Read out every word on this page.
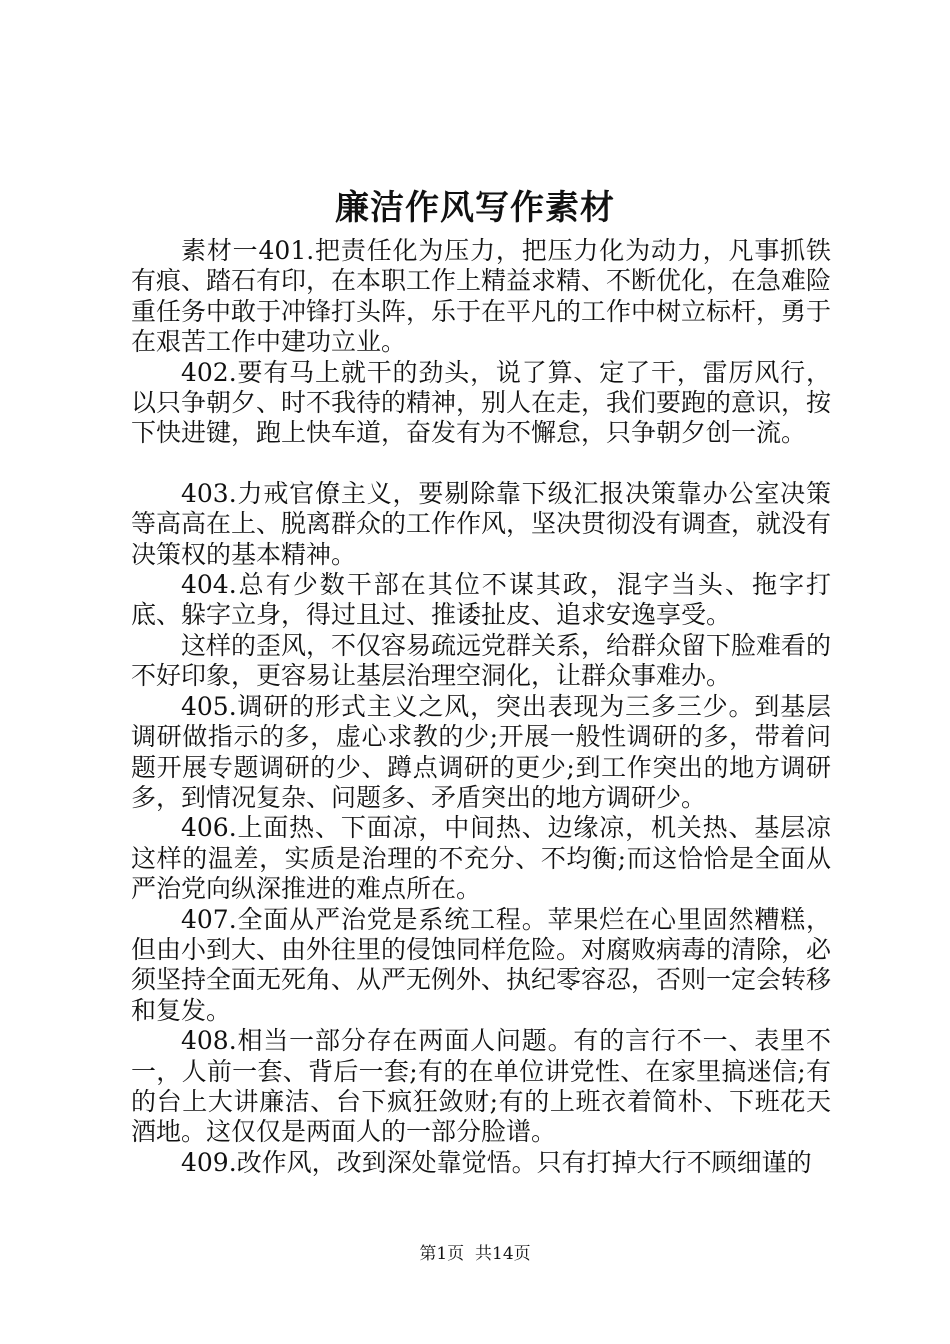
廉洁作风写作素材

素材一401.把责任化为压力，把压力化为动力，凡事抓铁有痕、踏石有印，在本职工作上精益求精、不断优化，在急难险重任务中敢于冲锋打头阵，乐于在平凡的工作中树立标杆，勇于在艰苦工作中建功立业。

402.要有马上就干的劲头，说了算、定了干，雷厉风行，以只争朝夕、时不我待的精神，别人在走，我们要跑的意识，按下快进键，跑上快车道，奋发有为不懈怠，只争朝夕创一流。

403.力戒官僚主义，要剔除靠下级汇报决策靠办公室决策等高高在上、脱离群众的工作作风，坚决贯彻没有调查，就没有决策权的基本精神。

404.总有少数干部在其位不谋其政，混字当头、拖字打底、躲字立身，得过且过、推诿扯皮、追求安逸享受。

这样的歪风，不仅容易疏远党群关系，给群众留下脸难看的不好印象，更容易让基层治理空洞化，让群众事难办。

405.调研的形式主义之风，突出表现为三多三少。到基层调研做指示的多，虚心求教的少;开展一般性调研的多，带着问题开展专题调研的少、蹲点调研的更少;到工作突出的地方调研多，到情况复杂、问题多、矛盾突出的地方调研少。

406.上面热、下面凉，中间热、边缘凉，机关热、基层凉这样的温差，实质是治理的不充分、不均衡;而这恰恰是全面从严治党向纵深推进的难点所在。

407.全面从严治党是系统工程。苹果烂在心里固然糟糕，但由小到大、由外往里的侵蚀同样危险。对腐败病毒的清除，必须坚持全面无死角、从严无例外、执纪零容忍，否则一定会转移和复发。

408.相当一部分存在两面人问题。有的言行不一、表里不一，人前一套、背后一套;有的在单位讲党性、在家里搞迷信;有的台上大讲廉洁、台下疯狂敛财;有的上班衣着简朴、下班花天酒地。这仅仅是两面人的一部分脸谱。

409.改作风，改到深处靠觉悟。只有打掉大行不顾细谨的

第1页 共14页
